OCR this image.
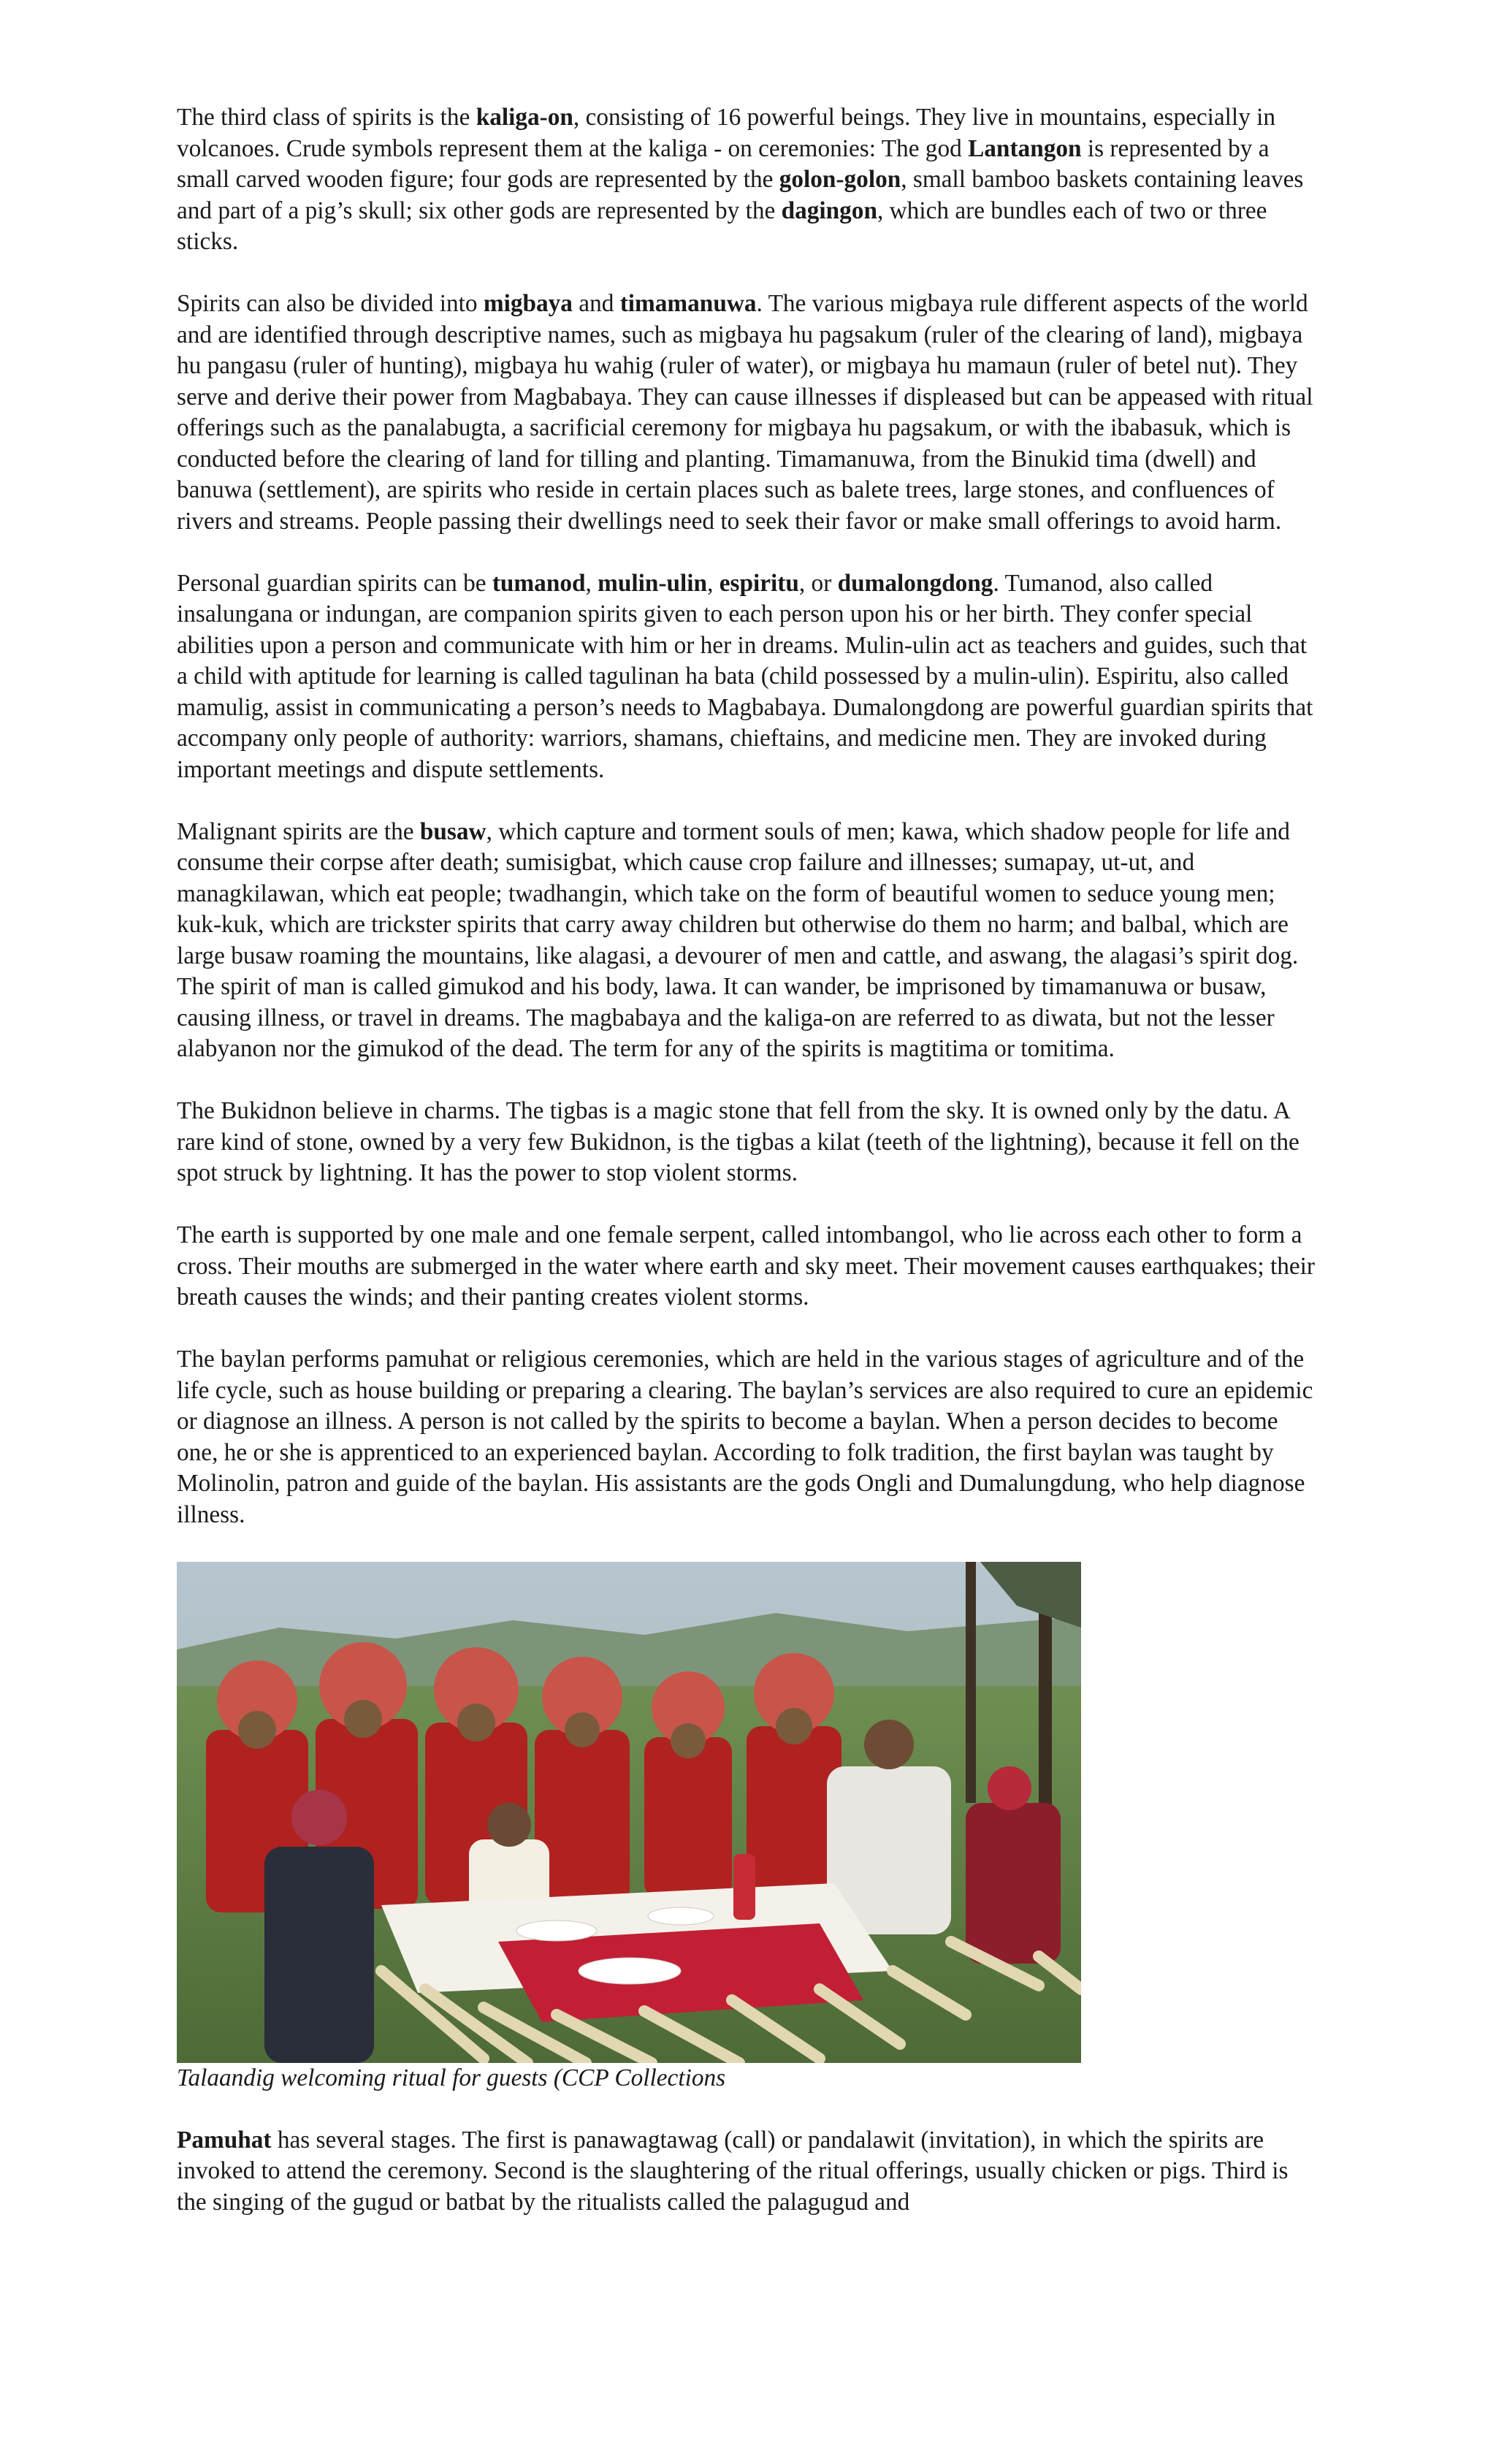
The third class of spirits is the kaliga-on, consisting of 16 powerful beings. They live in mountains, especially in volcanoes. Crude symbols represent them at the kaliga - on ceremonies: The god Lantangon is represented by a small carved wooden figure; four gods are represented by the golon-golon, small bamboo baskets containing leaves and part of a pig’s skull; six other gods are represented by the dagingon, which are bundles each of two or three sticks.

Spirits can also be divided into migbaya and timamanuwa. The various migbaya rule different aspects of the world and are identified through descriptive names, such as migbaya hu pagsakum (ruler of the clearing of land), migbaya hu pangasu (ruler of hunting), migbaya hu wahig (ruler of water), or migbaya hu mamaun (ruler of betel nut). They serve and derive their power from Magbabaya. They can cause illnesses if displeased but can be appeased with ritual offerings such as the panalabugta, a sacrificial ceremony for migbaya hu pagsakum, or with the ibabasuk, which is conducted before the clearing of land for tilling and planting. Timamanuwa, from the Binukid tima (dwell) and banuwa (settlement), are spirits who reside in certain places such as balete trees, large stones, and confluences of rivers and streams. People passing their dwellings need to seek their favor or make small offerings to avoid harm.

Personal guardian spirits can be tumanod, mulin-ulin, espiritu, or dumalongdong. Tumanod, also called insalungana or indungan, are companion spirits given to each person upon his or her birth. They confer special abilities upon a person and communicate with him or her in dreams. Mulin-ulin act as teachers and guides, such that a child with aptitude for learning is called tagulinan ha bata (child possessed by a mulin-ulin). Espiritu, also called mamulig, assist in communicating a person’s needs to Magbabaya. Dumalongdong are powerful guardian spirits that accompany only people of authority: warriors, shamans, chieftains, and medicine men. They are invoked during important meetings and dispute settlements.

Malignant spirits are the busaw, which capture and torment souls of men; kawa, which shadow people for life and consume their corpse after death; sumisigbat, which cause crop failure and illnesses; sumapay, ut-ut, and managkilawan, which eat people; twadhangin, which take on the form of beautiful women to seduce young men; kuk-kuk, which are trickster spirits that carry away children but otherwise do them no harm; and balbal, which are large busaw roaming the mountains, like alagasi, a devourer of men and cattle, and aswang, the alagasi’s spirit dog. The spirit of man is called gimukod and his body, lawa. It can wander, be imprisoned by timamanuwa or busaw, causing illness, or travel in dreams. The magbabaya and the kaliga-on are referred to as diwata, but not the lesser alabyanon nor the gimukod of the dead. The term for any of the spirits is magtitima or tomitima.

The Bukidnon believe in charms. The tigbas is a magic stone that fell from the sky. It is owned only by the datu. A rare kind of stone, owned by a very few Bukidnon, is the tigbas a kilat (teeth of the lightning), because it fell on the spot struck by lightning. It has the power to stop violent storms.

The earth is supported by one male and one female serpent, called intombangol, who lie across each other to form a cross. Their mouths are submerged in the water where earth and sky meet. Their movement causes earthquakes; their breath causes the winds; and their panting creates violent storms.

The baylan performs pamuhat or religious ceremonies, which are held in the various stages of agriculture and of the life cycle, such as house building or preparing a clearing. The baylan’s services are also required to cure an epidemic or diagnose an illness. A person is not called by the spirits to become a baylan. When a person decides to become one, he or she is apprenticed to an experienced baylan. According to folk tradition, the first baylan was taught by Molinolin, patron and guide of the baylan. His assistants are the gods Ongli and Dumalungdung, who help diagnose illness.

Talaandig welcoming ritual for guests (CCP Collections

Pamuhat has several stages. The first is panawagtawag (call) or pandalawit (invitation), in which the spirits are invoked to attend the ceremony. Second is the slaughtering of the ritual offerings, usually chicken or pigs. Third is the singing of the gugud or batbat by the ritualists called the palagugud and
